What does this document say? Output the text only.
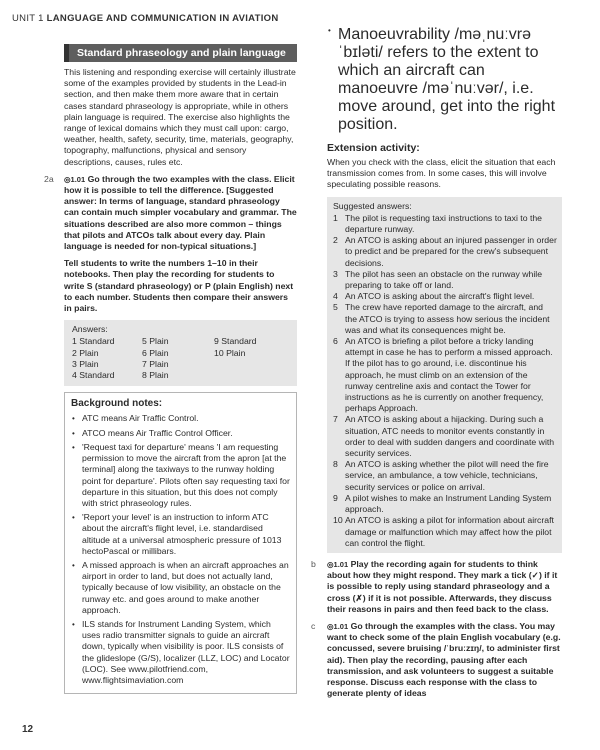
UNIT 1 LANGUAGE AND COMMUNICATION IN AVIATION
Standard phraseology and plain language

This listening and responding exercise will certainly illustrate some of the examples provided by students in the Lead-in section, and then make them more aware that in certain cases standard phraseology is appropriate, while in others plain language is required. The exercise also highlights the range of lexical domains which they must call upon: cargo, weather, health, safety, security, time, materials, geography, topography, malfunctions, physical and sensory descriptions, causes, rules etc.

2a ◎1.01 Go through the two examples with the class. Elicit how it is possible to tell the difference. [Suggested answer: In terms of language, standard phraseology can contain much simpler vocabulary and grammar. The situations described are also more common – things that pilots and ATCOs talk about every day. Plain language is needed for non-typical situations.]

Tell students to write the numbers 1–10 in their notebooks. Then play the recording for students to write S (standard phraseology) or P (plain English) next to each number. Students then compare their answers in pairs.

Answers:
1 Standard	5 Plain	9 Standard
2 Plain	6 Plain	10 Plain
3 Plain	7 Plain
4 Standard	8 Plain
Background notes:
• ATC means Air Traffic Control.
• ATCO means Air Traffic Control Officer.
• 'Request taxi for departure' means 'I am requesting permission to move the aircraft from the apron [at the terminal] along the taxiways to the runway holding point for departure'. Pilots often say requesting taxi for departure in this situation, but this does not comply with strict phraseology rules.
• 'Report your level' is an instruction to inform ATC about the aircraft's flight level, i.e. standardised altitude at a universal atmospheric pressure of 1013 hectoPascal or millibars.
• A missed approach is when an aircraft approaches an airport in order to land, but does not actually land, typically because of low visibility, an obstacle on the runway etc. and goes around to make another approach.
• ILS stands for Instrument Landing System, which uses radio transmitter signals to guide an aircraft down, typically when visibility is poor. ILS consists of the glideslope (G/S), localizer (LLZ, LOC) and Locator (LOC). See www.pilotfriend.com, www.flightsimaviation.com
• Manoeuvrability /məˌnuːvrəˈbɪləti/ refers to the extent to which an aircraft can manoeuvre /məˈnuːvər/, i.e. move around, get into the right position.
Extension activity:

When you check with the class, elicit the situation that each transmission comes from. In some cases, this will involve speculating possible reasons.

Suggested answers:
1 The pilot is requesting taxi instructions to taxi to the departure runway.
2 An ATCO is asking about an injured passenger in order to predict and be prepared for the crew's subsequent decisions.
3 The pilot has seen an obstacle on the runway while preparing to take off or land.
4 An ATCO is asking about the aircraft's flight level.
5 The crew have reported damage to the aircraft, and the ATCO is trying to assess how serious the incident was and what its consequences might be.
6 An ATCO is briefing a pilot before a tricky landing attempt in case he has to perform a missed approach. If the pilot has to go around, i.e. discontinue his approach, he must climb on an extension of the runway centreline axis and contact the Tower for instructions as he is currently on another frequency, perhaps Approach.
7 An ATCO is asking about a hijacking. During such a situation, ATC needs to monitor events constantly in order to deal with sudden dangers and coordinate with security services.
8 An ATCO is asking whether the pilot will need the fire service, an ambulance, a tow vehicle, technicians, security services or police on arrival.
9 A pilot wishes to make an Instrument Landing System approach.
10 An ATCO is asking a pilot for information about aircraft damage or malfunction which may affect how the pilot can control the flight.
b ◎1.01 Play the recording again for students to think about how they might respond. They mark a tick (✓) if it is possible to reply using standard phraseology and a cross (✗) if it is not possible. Afterwards, they discuss their reasons in pairs and then feed back to the class.

c ◎1.01 Go through the examples with the class. You may want to check some of the plain English vocabulary (e.g. concussed, severe bruising /ˈbruːzɪŋ/, to administer first aid). Then play the recording, pausing after each transmission, and ask volunteers to suggest a suitable response. Discuss each response with the class to generate plenty of ideas

12
